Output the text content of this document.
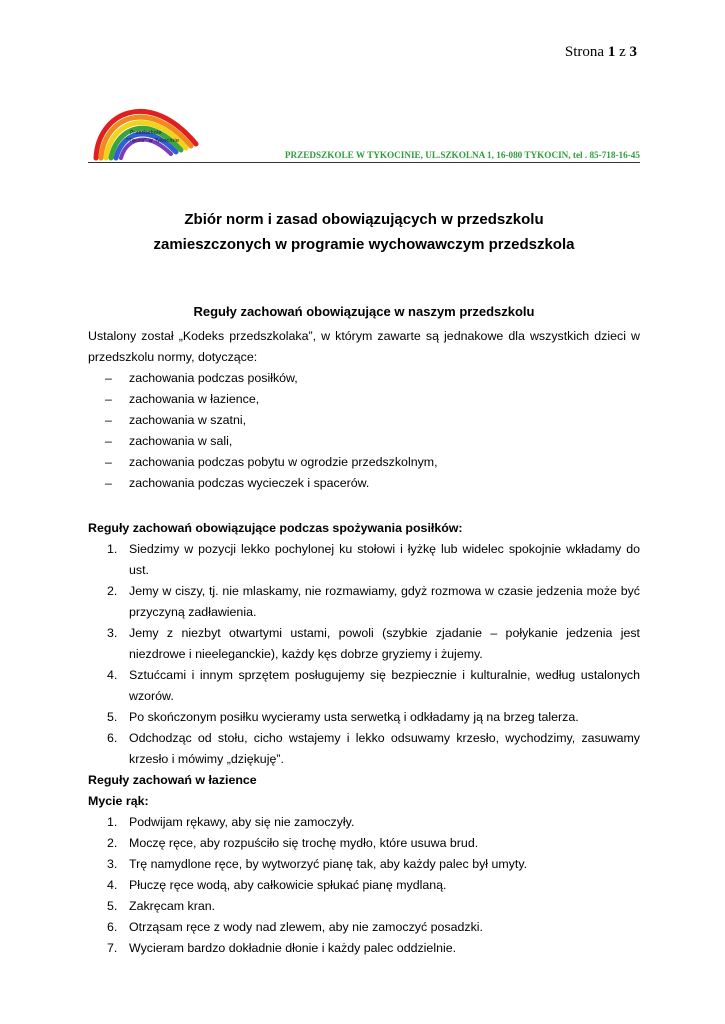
Strona 1 z 3
Przedszkole
"Tęcza" w Tykocinie
PRZEDSZKOLE W TYKOCINIE, UL.SZKOLNA 1, 16-080 TYKOCIN, tel . 85-718-16-45
Zbiór norm i zasad obowiązujących w przedszkolu
zamieszczonych w programie wychowawczym przedszkola
Reguły zachowań obowiązujące w naszym przedszkolu

Ustalony został „Kodeks przedszkolaka”, w którym zawarte są jednakowe dla wszystkich dzieci w przedszkolu normy, dotyczące:

– zachowania podczas posiłków,
– zachowania w łazience,
– zachowania w szatni,
– zachowania w sali,
– zachowania podczas pobytu w ogrodzie przedszkolnym,
– zachowania podczas wycieczek i spacerów.

Reguły zachowań obowiązujące podczas spożywania posiłków:

1. Siedzimy w pozycji lekko pochylonej ku stołowi i łyżkę lub widelec spokojnie wkładamy do ust.
2. Jemy w ciszy, tj. nie mlaskamy, nie rozmawiamy, gdyż rozmowa w czasie jedzenia może być przyczyną zadławienia.
3. Jemy z niezbyt otwartymi ustami, powoli (szybkie zjadanie – połykanie jedzenia jest niezdrowe i nieeleganckie), każdy kęs dobrze gryziemy i żujemy.
4. Sztućcami i innym sprzętem posługujemy się bezpiecznie i kulturalnie, według ustalonych wzorów.
5. Po skończonym posiłku wycieramy usta serwetką i odkładamy ją na brzeg talerza.
6. Odchodząc od stołu, cicho wstajemy i lekko odsuwamy krzesło, wychodzimy, zasuwamy krzesło i mówimy „dziękuję”.

Reguły zachowań w łazience

Mycie rąk:

1. Podwijam rękawy, aby się nie zamoczyły.
2. Moczę ręce, aby rozpuściło się trochę mydło, które usuwa brud.
3. Trę namydlone ręce, by wytworzyć pianę tak, aby każdy palec był umyty.
4. Płuczę ręce wodą, aby całkowicie spłukać pianę mydlaną.
5. Zakręcam kran.
6. Otrząsam ręce z wody nad zlewem, aby nie zamoczyć posadzki.
7. Wycieram bardzo dokładnie dłonie i każdy palec oddzielnie.
